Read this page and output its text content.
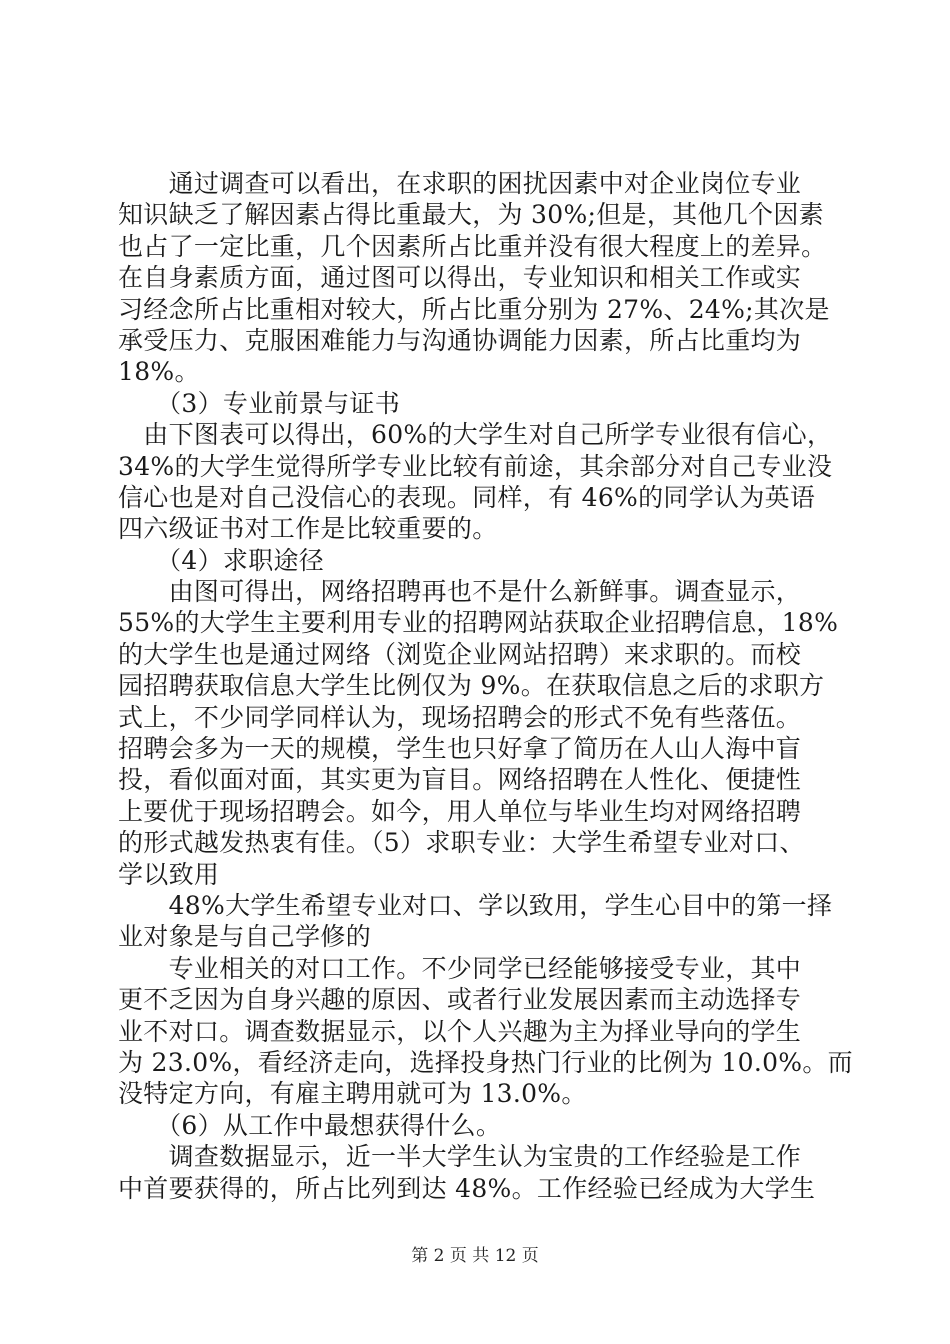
　　通过调查可以看出，在求职的困扰因素中对企业岗位专业
知识缺乏了解因素占得比重最大，为 30%;但是，其他几个因素
也占了一定比重，几个因素所占比重并没有很大程度上的差异。
在自身素质方面，通过图可以得出，专业知识和相关工作或实
习经念所占比重相对较大，所占比重分别为 27%、24%;其次是
承受压力、克服困难能力与沟通协调能力因素，所占比重均为
18%。
　　（3）专业前景与证书
　由下图表可以得出，60%的大学生对自己所学专业很有信心，
34%的大学生觉得所学专业比较有前途，其余部分对自己专业没
信心也是对自己没信心的表现。同样，有 46%的同学认为英语
四六级证书对工作是比较重要的。
　　（4）求职途径
　　由图可得出，网络招聘再也不是什么新鲜事。调查显示，
55%的大学生主要利用专业的招聘网站获取企业招聘信息，18%
的大学生也是通过网络（浏览企业网站招聘）来求职的。而校
园招聘获取信息大学生比例仅为 9%。在获取信息之后的求职方
式上，不少同学同样认为，现场招聘会的形式不免有些落伍。
招聘会多为一天的规模，学生也只好拿了简历在人山人海中盲
投，看似面对面，其实更为盲目。网络招聘在人性化、便捷性
上要优于现场招聘会。如今，用人单位与毕业生均对网络招聘
的形式越发热衷有佳。（5）求职专业：大学生希望专业对口、
学以致用
　　48%大学生希望专业对口、学以致用，学生心目中的第一择
业对象是与自己学修的
　　专业相关的对口工作。不少同学已经能够接受专业，其中
更不乏因为自身兴趣的原因、或者行业发展因素而主动选择专
业不对口。调查数据显示，以个人兴趣为主为择业导向的学生
为 23.0%，看经济走向，选择投身热门行业的比例为 10.0%。而
没特定方向，有雇主聘用就可为 13.0%。
　　（6）从工作中最想获得什么。
　　调查数据显示，近一半大学生认为宝贵的工作经验是工作
中首要获得的，所占比列到达 48%。工作经验已经成为大学生
第 2 页 共 12 页
